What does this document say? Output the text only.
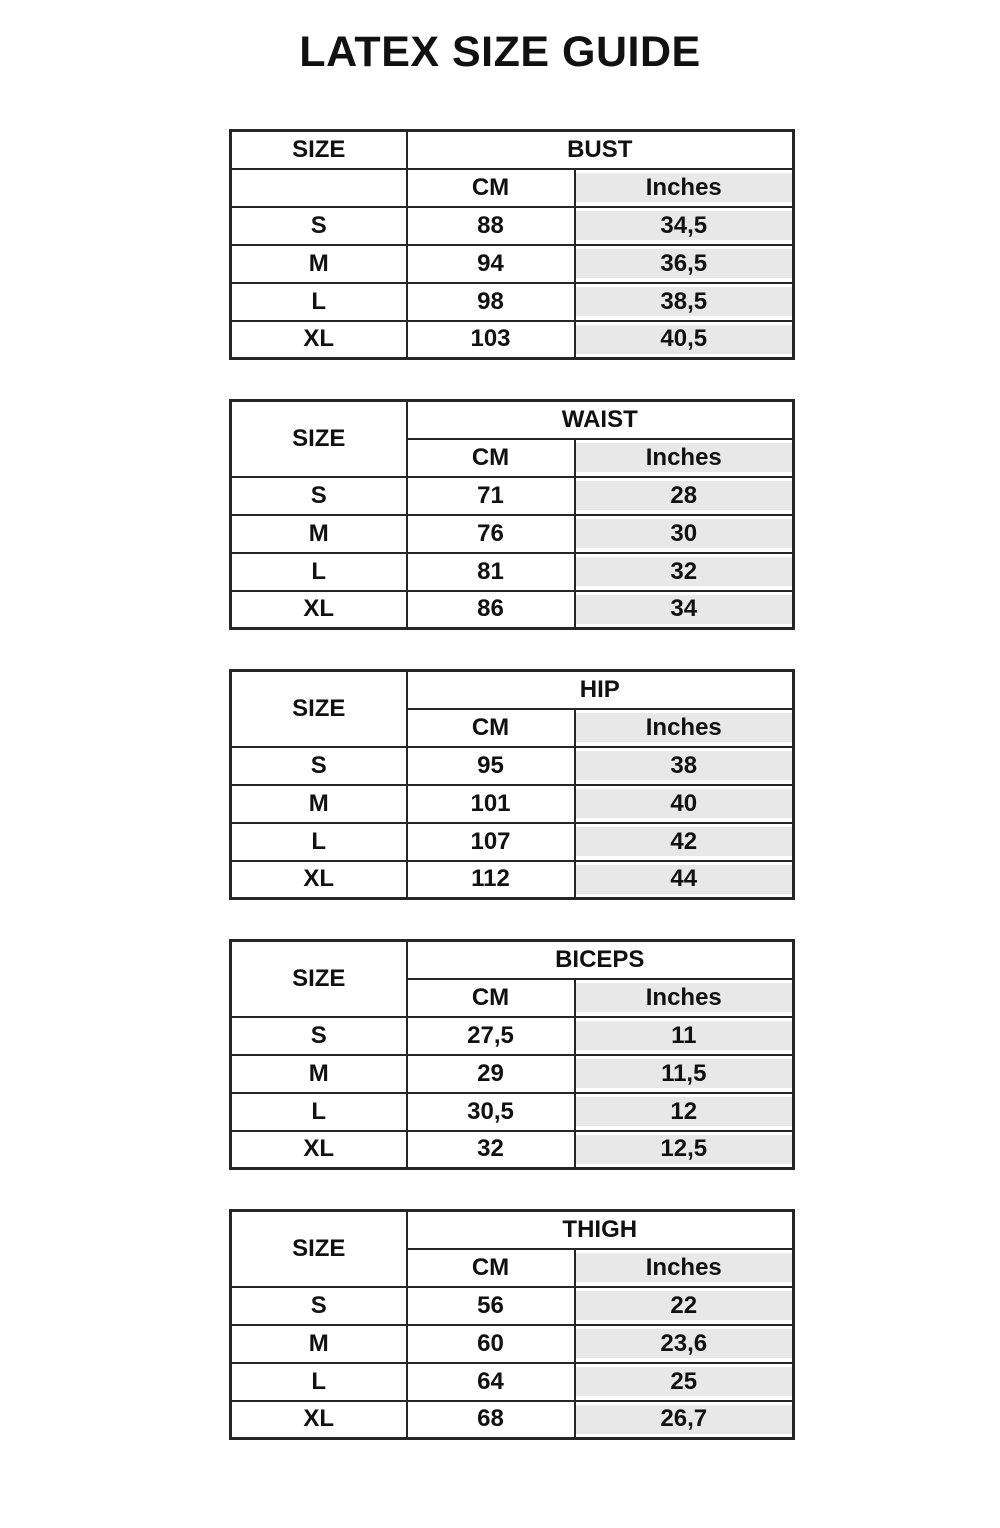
LATEX SIZE GUIDE
SIZE	BUST	
	CM	Inches

S	88	34,5

M	94	36,5

L	98	38,5

XL	103	40,5
SIZE	WAIST	
	CM	Inches

S	71	28

M	76	30

L	81	32

XL	86	34
SIZE	HIP	
	CM	Inches

S	95	38

M	101	40

L	107	42

XL	112	44
SIZE	BICEPS	
	CM	Inches

S	27,5	11

M	29	11,5

L	30,5	12

XL	32	12,5
SIZE	THIGH	
	CM	Inches

S	56	22

M	60	23,6

L	64	25

XL	68	26,7
